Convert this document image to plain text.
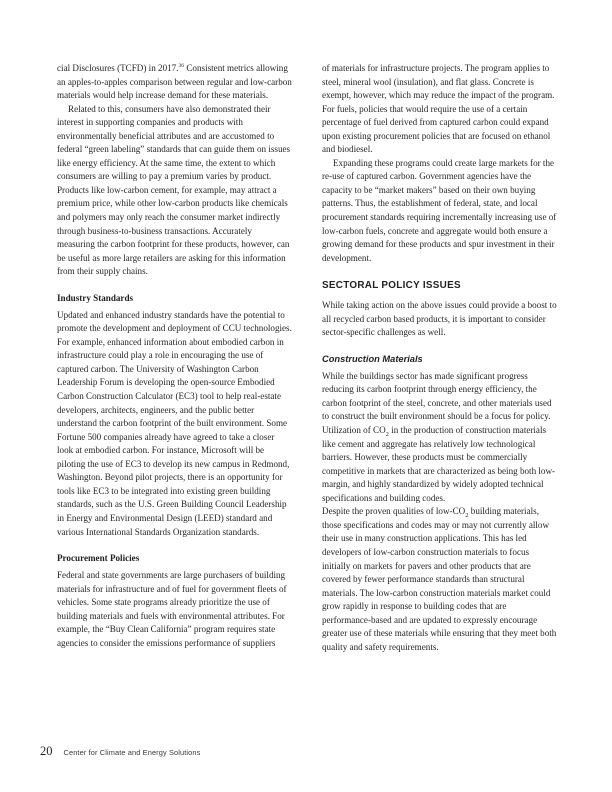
cial Disclosures (TCFD) in 2017.36 Consistent metrics allowing an apples-to-apples comparison between regular and low-carbon materials would help increase demand for these materials.

Related to this, consumers have also demonstrated their interest in supporting companies and products with environmentally beneficial attributes and are accustomed to federal “green labeling” standards that can guide them on issues like energy efficiency. At the same time, the extent to which consumers are willing to pay a premium varies by product. Products like low-carbon cement, for example, may attract a premium price, while other low-carbon products like chemicals and polymers may only reach the consumer market indirectly through business-to-business transactions. Accurately measuring the carbon footprint for these products, however, can be useful as more large retailers are asking for this information from their supply chains.

Industry Standards

Updated and enhanced industry standards have the potential to promote the development and deployment of CCU technologies. For example, enhanced information about embodied carbon in infrastructure could play a role in encouraging the use of captured carbon. The University of Washington Carbon Leadership Forum is developing the open-source Embodied Carbon Construction Calculator (EC3) tool to help real-estate developers, architects, engineers, and the public better understand the carbon footprint of the built environment. Some Fortune 500 companies already have agreed to take a closer look at embodied carbon. For instance, Microsoft will be piloting the use of EC3 to develop its new campus in Redmond, Washington. Beyond pilot projects, there is an opportunity for tools like EC3 to be integrated into existing green building standards, such as the U.S. Green Building Council Leadership in Energy and Environmental Design (LEED) standard and various International Standards Organization standards.

Procurement Policies

Federal and state governments are large purchasers of building materials for infrastructure and of fuel for government fleets of vehicles. Some state programs already prioritize the use of building materials and fuels with environmental attributes. For example, the “Buy Clean California” program requires state agencies to consider the emissions performance of suppliers

of materials for infrastructure projects. The program applies to steel, mineral wool (insulation), and flat glass. Concrete is exempt, however, which may reduce the impact of the program. For fuels, policies that would require the use of a certain percentage of fuel derived from captured carbon could expand upon existing procurement policies that are focused on ethanol and biodiesel.

Expanding these programs could create large markets for the re-use of captured carbon. Government agencies have the capacity to be “market makers” based on their own buying patterns. Thus, the establishment of federal, state, and local procurement standards requiring incrementally increasing use of low-carbon fuels, concrete and aggregate would both ensure a growing demand for these products and spur investment in their development.

SECTORAL POLICY ISSUES

While taking action on the above issues could provide a boost to all recycled carbon based products, it is important to consider sector-specific challenges as well.

Construction Materials

While the buildings sector has made significant progress reducing its carbon footprint through energy efficiency, the carbon footprint of the steel, concrete, and other materials used to construct the built environment should be a focus for policy. Utilization of $CO_2$ in the production of construction materials like cement and aggregate has relatively low technological barriers. However, these products must be commercially competitive in markets that are characterized as being both low-margin, and highly standardized by widely adopted technical specifications and building codes.

Despite the proven qualities of low-$CO_2$ building materials, those specifications and codes may or may not currently allow their use in many construction applications. This has led developers of low-carbon construction materials to focus initially on markets for pavers and other products that are covered by fewer performance standards than structural materials. The low-carbon construction materials market could grow rapidly in response to building codes that are performance-based and are updated to expressly encourage greater use of these materials while ensuring that they meet both quality and safety requirements.

20 Center for Climate and Energy Solutions
